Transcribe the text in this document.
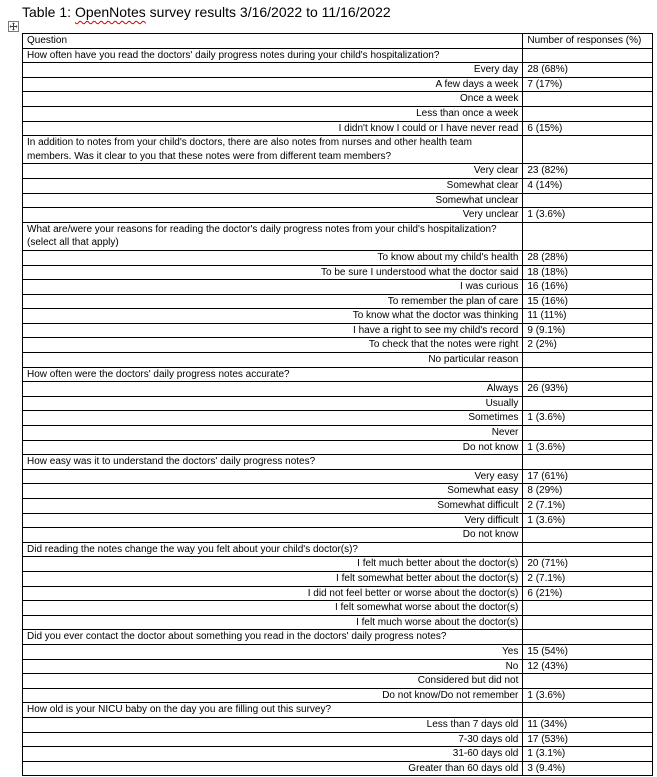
Table 1: OpenNotes survey results 3/16/2022 to 11/16/2022
Question	Number of responses (%)
How often have you read the doctors' daily progress notes during your child's hospitalization?	
Every day	28 (68%)
A few days a week	7 (17%)
Once a week	
Less than once a week	
I didn't know I could or I have never read	6 (15%)
In addition to notes from your child's doctors, there are also notes from nurses and other health team members. Was it clear to you that these notes were from different team members?	
Very clear	23 (82%)
Somewhat clear	4 (14%)
Somewhat unclear	
Very unclear	1 (3.6%)
What are/were your reasons for reading the doctor's daily progress notes from your child's hospitalization? (select all that apply)	
To know about my child's health	28 (28%)
To be sure I understood what the doctor said	18 (18%)
I was curious	16 (16%)
To remember the plan of care	15 (16%)
To know what the doctor was thinking	11 (11%)
I have a right to see my child's record	9 (9.1%)
To check that the notes were right	2 (2%)
No particular reason	
How often were the doctors' daily progress notes accurate?	
Always	26 (93%)
Usually	
Sometimes	1 (3.6%)
Never	
Do not know	1 (3.6%)
How easy was it to understand the doctors' daily progress notes?	
Very easy	17 (61%)
Somewhat easy	8 (29%)
Somewhat difficult	2 (7.1%)
Very difficult	1 (3.6%)
Do not know	
Did reading the notes change the way you felt about your child's doctor(s)?	
I felt much better about the doctor(s)	20 (71%)
I felt somewhat better about the doctor(s)	2 (7.1%)
I did not feel better or worse about the doctor(s)	6 (21%)
I felt somewhat worse about the doctor(s)	
I felt much worse about the doctor(s)	
Did you ever contact the doctor about something you read in the doctors' daily progress notes?	
Yes	15 (54%)
No	12 (43%)
Considered but did not	
Do not know/Do not remember	1 (3.6%)
How old is your NICU baby on the day you are filling out this survey?	
Less than 7 days old	11 (34%)
7-30 days old	17 (53%)
31-60 days old	1 (3.1%)
Greater than 60 days old	3 (9.4%)
